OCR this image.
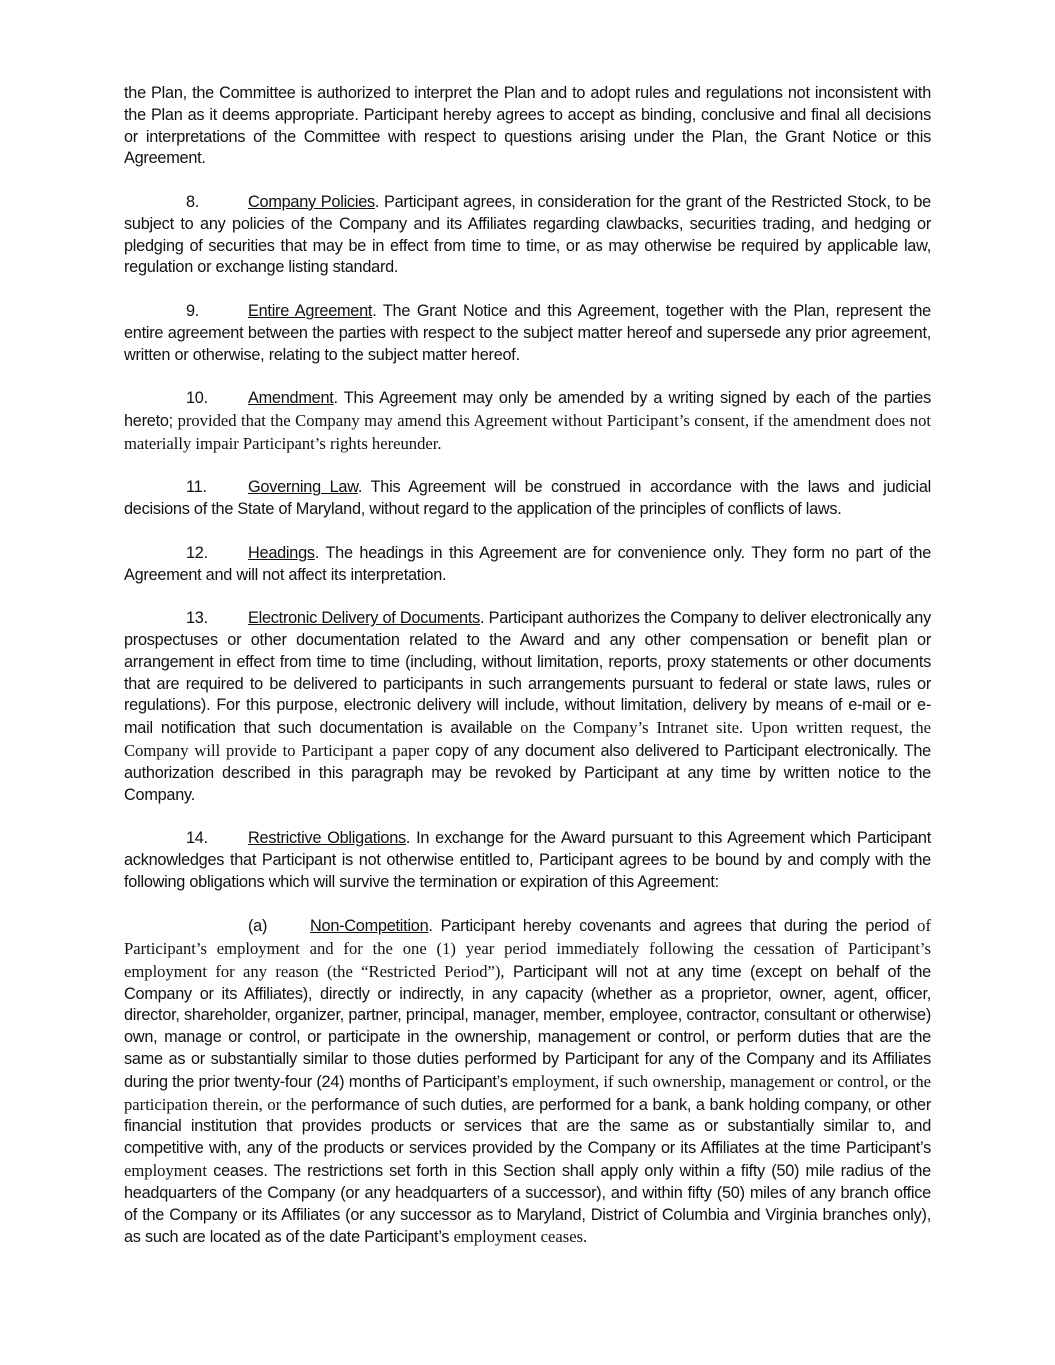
the Plan, the Committee is authorized to interpret the Plan and to adopt rules and regulations not inconsistent with the Plan as it deems appropriate. Participant hereby agrees to accept as binding, conclusive and final all decisions or interpretations of the Committee with respect to questions arising under the Plan, the Grant Notice or this Agreement.

8.	Company Policies. Participant agrees, in consideration for the grant of the Restricted Stock, to be subject to any policies of the Company and its Affiliates regarding clawbacks, securities trading, and hedging or pledging of securities that may be in effect from time to time, or as may otherwise be required by applicable law, regulation or exchange listing standard.

9.	Entire Agreement. The Grant Notice and this Agreement, together with the Plan, represent the entire agreement between the parties with respect to the subject matter hereof and supersede any prior agreement, written or otherwise, relating to the subject matter hereof.

10. Amendment. This Agreement may only be amended by a writing signed by each of the parties hereto; provided that the Company may amend this Agreement without Participant’s consent, if the amendment does not materially impair Participant’s rights hereunder.

11.	Governing Law. This Agreement will be construed in accordance with the laws and judicial decisions of the State of Maryland, without regard to the application of the principles of conflicts of laws.

12. Headings. The headings in this Agreement are for convenience only. They form no part of the Agreement and will not affect its interpretation.

13. Electronic Delivery of Documents. Participant authorizes the Company to deliver electronically any prospectuses or other documentation related to the Award and any other compensation or benefit plan or arrangement in effect from time to time (including, without limitation, reports, proxy statements or other documents that are required to be delivered to participants in such arrangements pursuant to federal or state laws, rules or regulations). For this purpose, electronic delivery will include, without limitation, delivery by means of e-mail or e-mail notification that such documentation is available on the Company’s Intranet site. Upon written request, the Company will provide to Participant a paper copy of any document also delivered to Participant electronically. The authorization described in this paragraph may be revoked by Participant at any time by written notice to the Company.

14. Restrictive Obligations. In exchange for the Award pursuant to this Agreement which Participant acknowledges that Participant is not otherwise entitled to, Participant agrees to be bound by and comply with the following obligations which will survive the termination or expiration of this Agreement:

(a)	Non-Competition. Participant hereby covenants and agrees that during the period of Participant’s employment and for the one (1) year period immediately following the cessation of Participant’s employment for any reason (the “Restricted Period”), Participant will not at any time (except on behalf of the Company or its Affiliates), directly or indirectly, in any capacity (whether as a proprietor, owner, agent, officer, director, shareholder, organizer, partner, principal, manager, member, employee, contractor, consultant or otherwise) own, manage or control, or participate in the ownership, management or control, or perform duties that are the same as or substantially similar to those duties performed by Participant for any of the Company and its Affiliates during the prior twenty-four (24) months of Participant’s employment, if such ownership, management or control, or the participation therein, or the performance of such duties, are performed for a bank, a bank holding company, or other financial institution that provides products or services that are the same as or substantially similar to, and competitive with, any of the products or services provided by the Company or its Affiliates at the time Participant’s employment ceases. The restrictions set forth in this Section shall apply only within a fifty (50) mile radius of the headquarters of the Company (or any headquarters of a successor), and within fifty (50) miles of any branch office of the Company or its Affiliates (or any successor as to Maryland, District of Columbia and Virginia branches only), as such are located as of the date Participant’s employment ceases.
